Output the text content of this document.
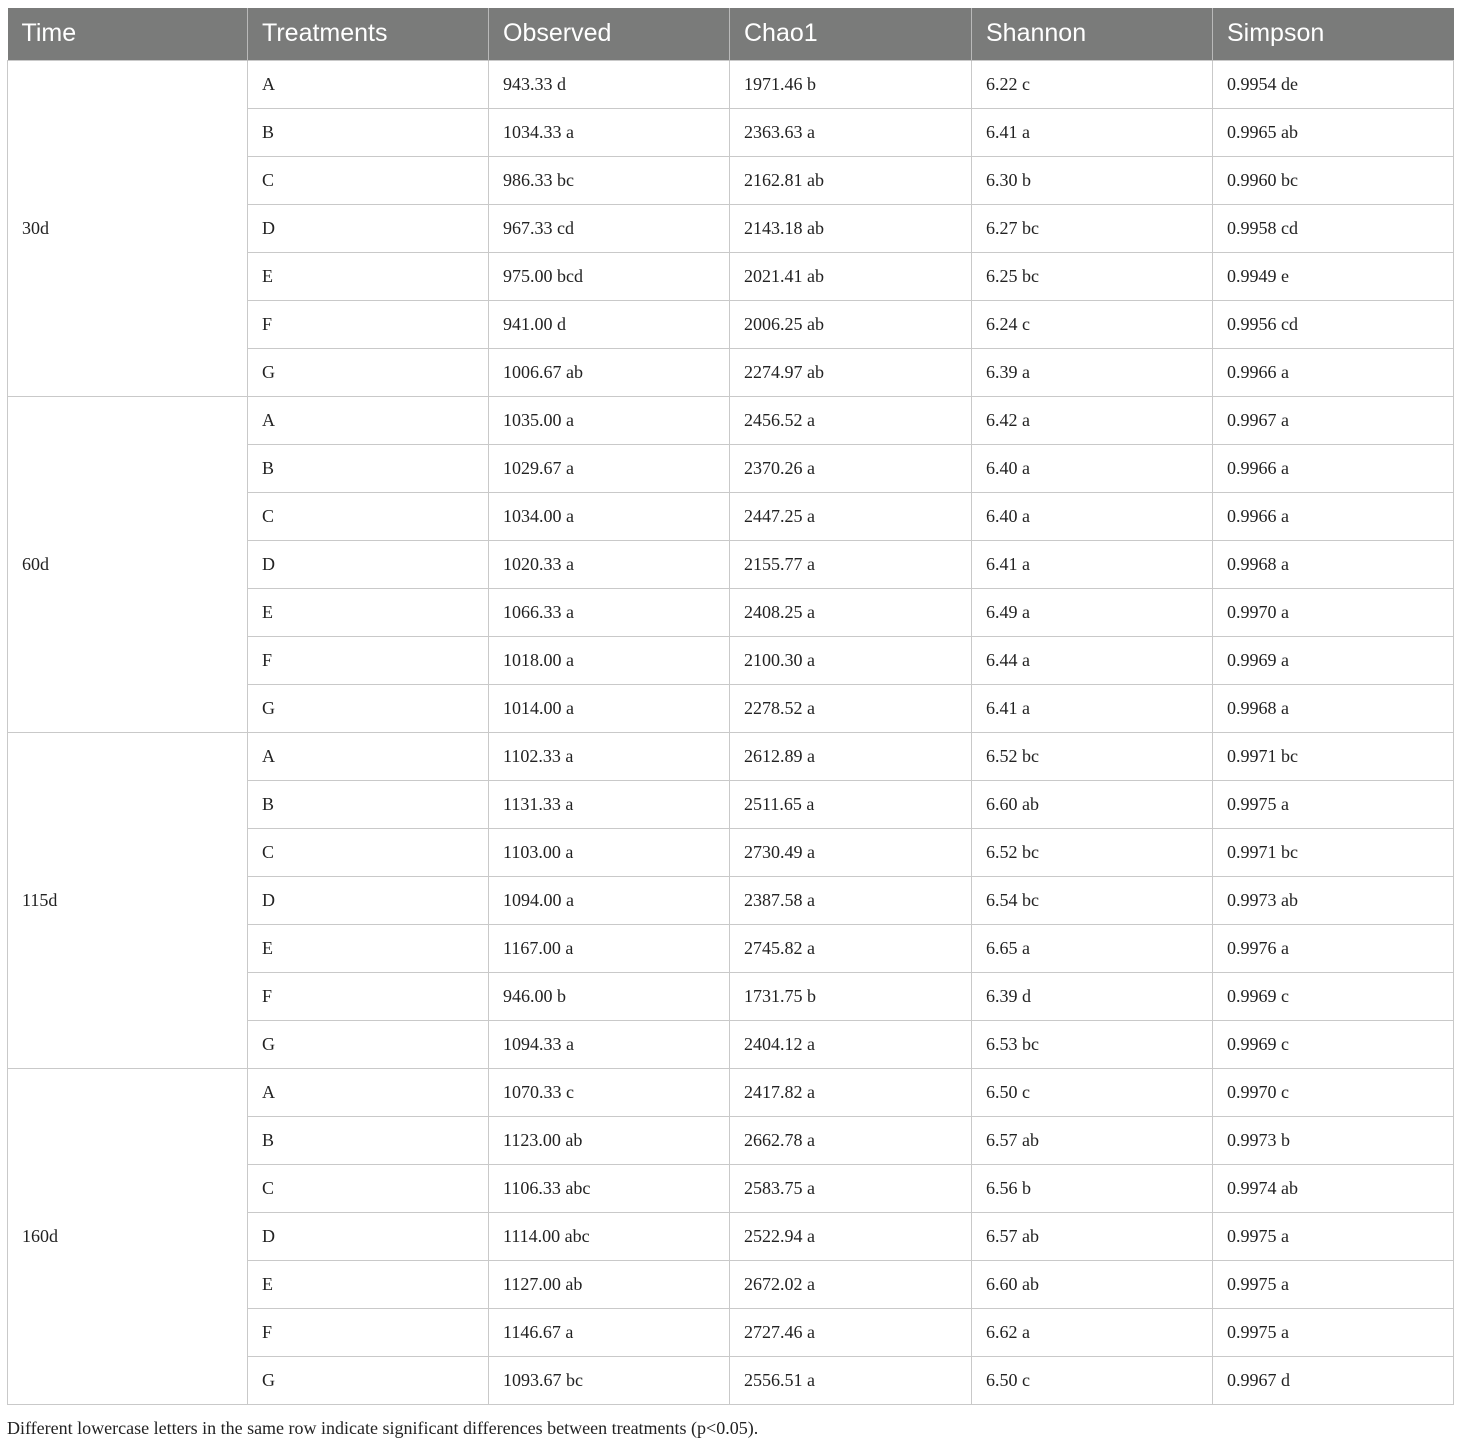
Time	Treatments	Observed	Chao1	Shannon	Simpson
30d	A	943.33 d	1971.46 b	6.22 c	0.9954 de
	B	1034.33 a	2363.63 a	6.41 a	0.9965 ab
	C	986.33 bc	2162.81 ab	6.30 b	0.9960 bc
	D	967.33 cd	2143.18 ab	6.27 bc	0.9958 cd
	E	975.00 bcd	2021.41 ab	6.25 bc	0.9949 e
	F	941.00 d	2006.25 ab	6.24 c	0.9956 cd
	G	1006.67 ab	2274.97 ab	6.39 a	0.9966 a
60d	A	1035.00 a	2456.52 a	6.42 a	0.9967 a
	B	1029.67 a	2370.26 a	6.40 a	0.9966 a
	C	1034.00 a	2447.25 a	6.40 a	0.9966 a
	D	1020.33 a	2155.77 a	6.41 a	0.9968 a
	E	1066.33 a	2408.25 a	6.49 a	0.9970 a
	F	1018.00 a	2100.30 a	6.44 a	0.9969 a
	G	1014.00 a	2278.52 a	6.41 a	0.9968 a
115d	A	1102.33 a	2612.89 a	6.52 bc	0.9971 bc
	B	1131.33 a	2511.65 a	6.60 ab	0.9975 a
	C	1103.00 a	2730.49 a	6.52 bc	0.9971 bc
	D	1094.00 a	2387.58 a	6.54 bc	0.9973 ab
	E	1167.00 a	2745.82 a	6.65 a	0.9976 a
	F	946.00 b	1731.75 b	6.39 d	0.9969 c
	G	1094.33 a	2404.12 a	6.53 bc	0.9969 c
160d	A	1070.33 c	2417.82 a	6.50 c	0.9970 c
	B	1123.00 ab	2662.78 a	6.57 ab	0.9973 b
	C	1106.33 abc	2583.75 a	6.56 b	0.9974 ab
	D	1114.00 abc	2522.94 a	6.57 ab	0.9975 a
	E	1127.00 ab	2672.02 a	6.60 ab	0.9975 a
	F	1146.67 a	2727.46 a	6.62 a	0.9975 a
	G	1093.67 bc	2556.51 a	6.50 c	0.9967 d
Different lowercase letters in the same row indicate significant differences between treatments (p<0.05).
